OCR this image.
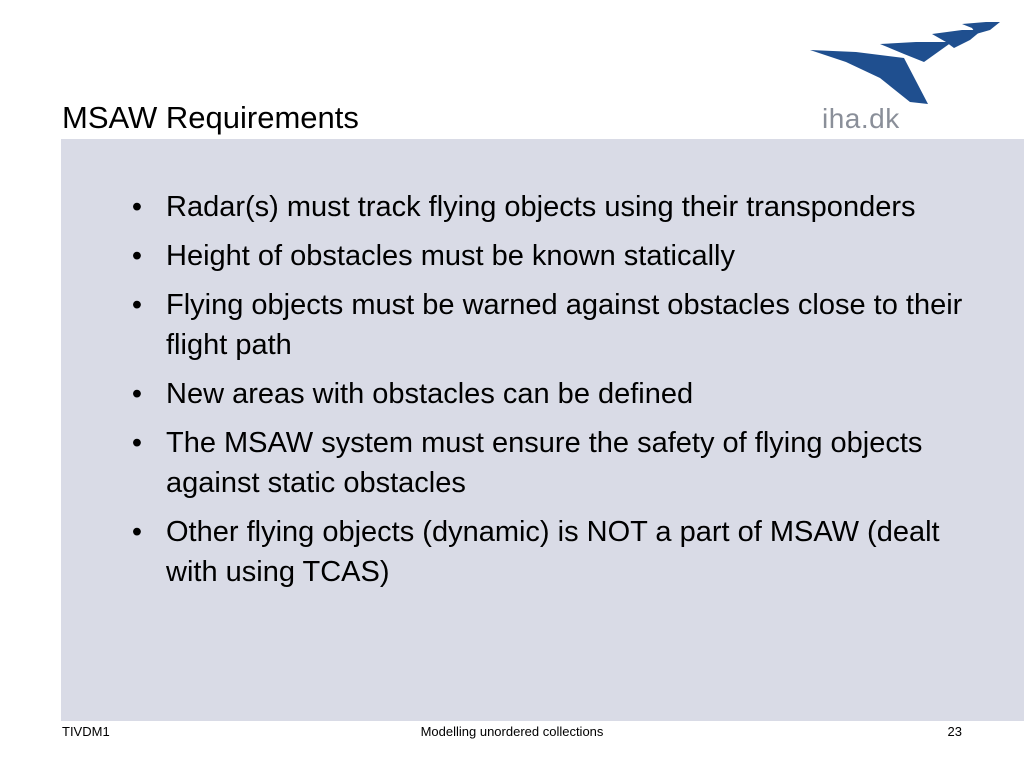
MSAW Requirements	iha.dk
• Radar(s) must track flying objects using their transponders
• Height of obstacles must be known statically
• Flying objects must be warned against obstacles close to their flight path
• New areas with obstacles can be defined
• The MSAW system must ensure the safety of flying objects against static obstacles
• Other flying objects (dynamic) is NOT a part of MSAW (dealt with using TCAS)
TIVDM1	Modelling unordered collections	23
